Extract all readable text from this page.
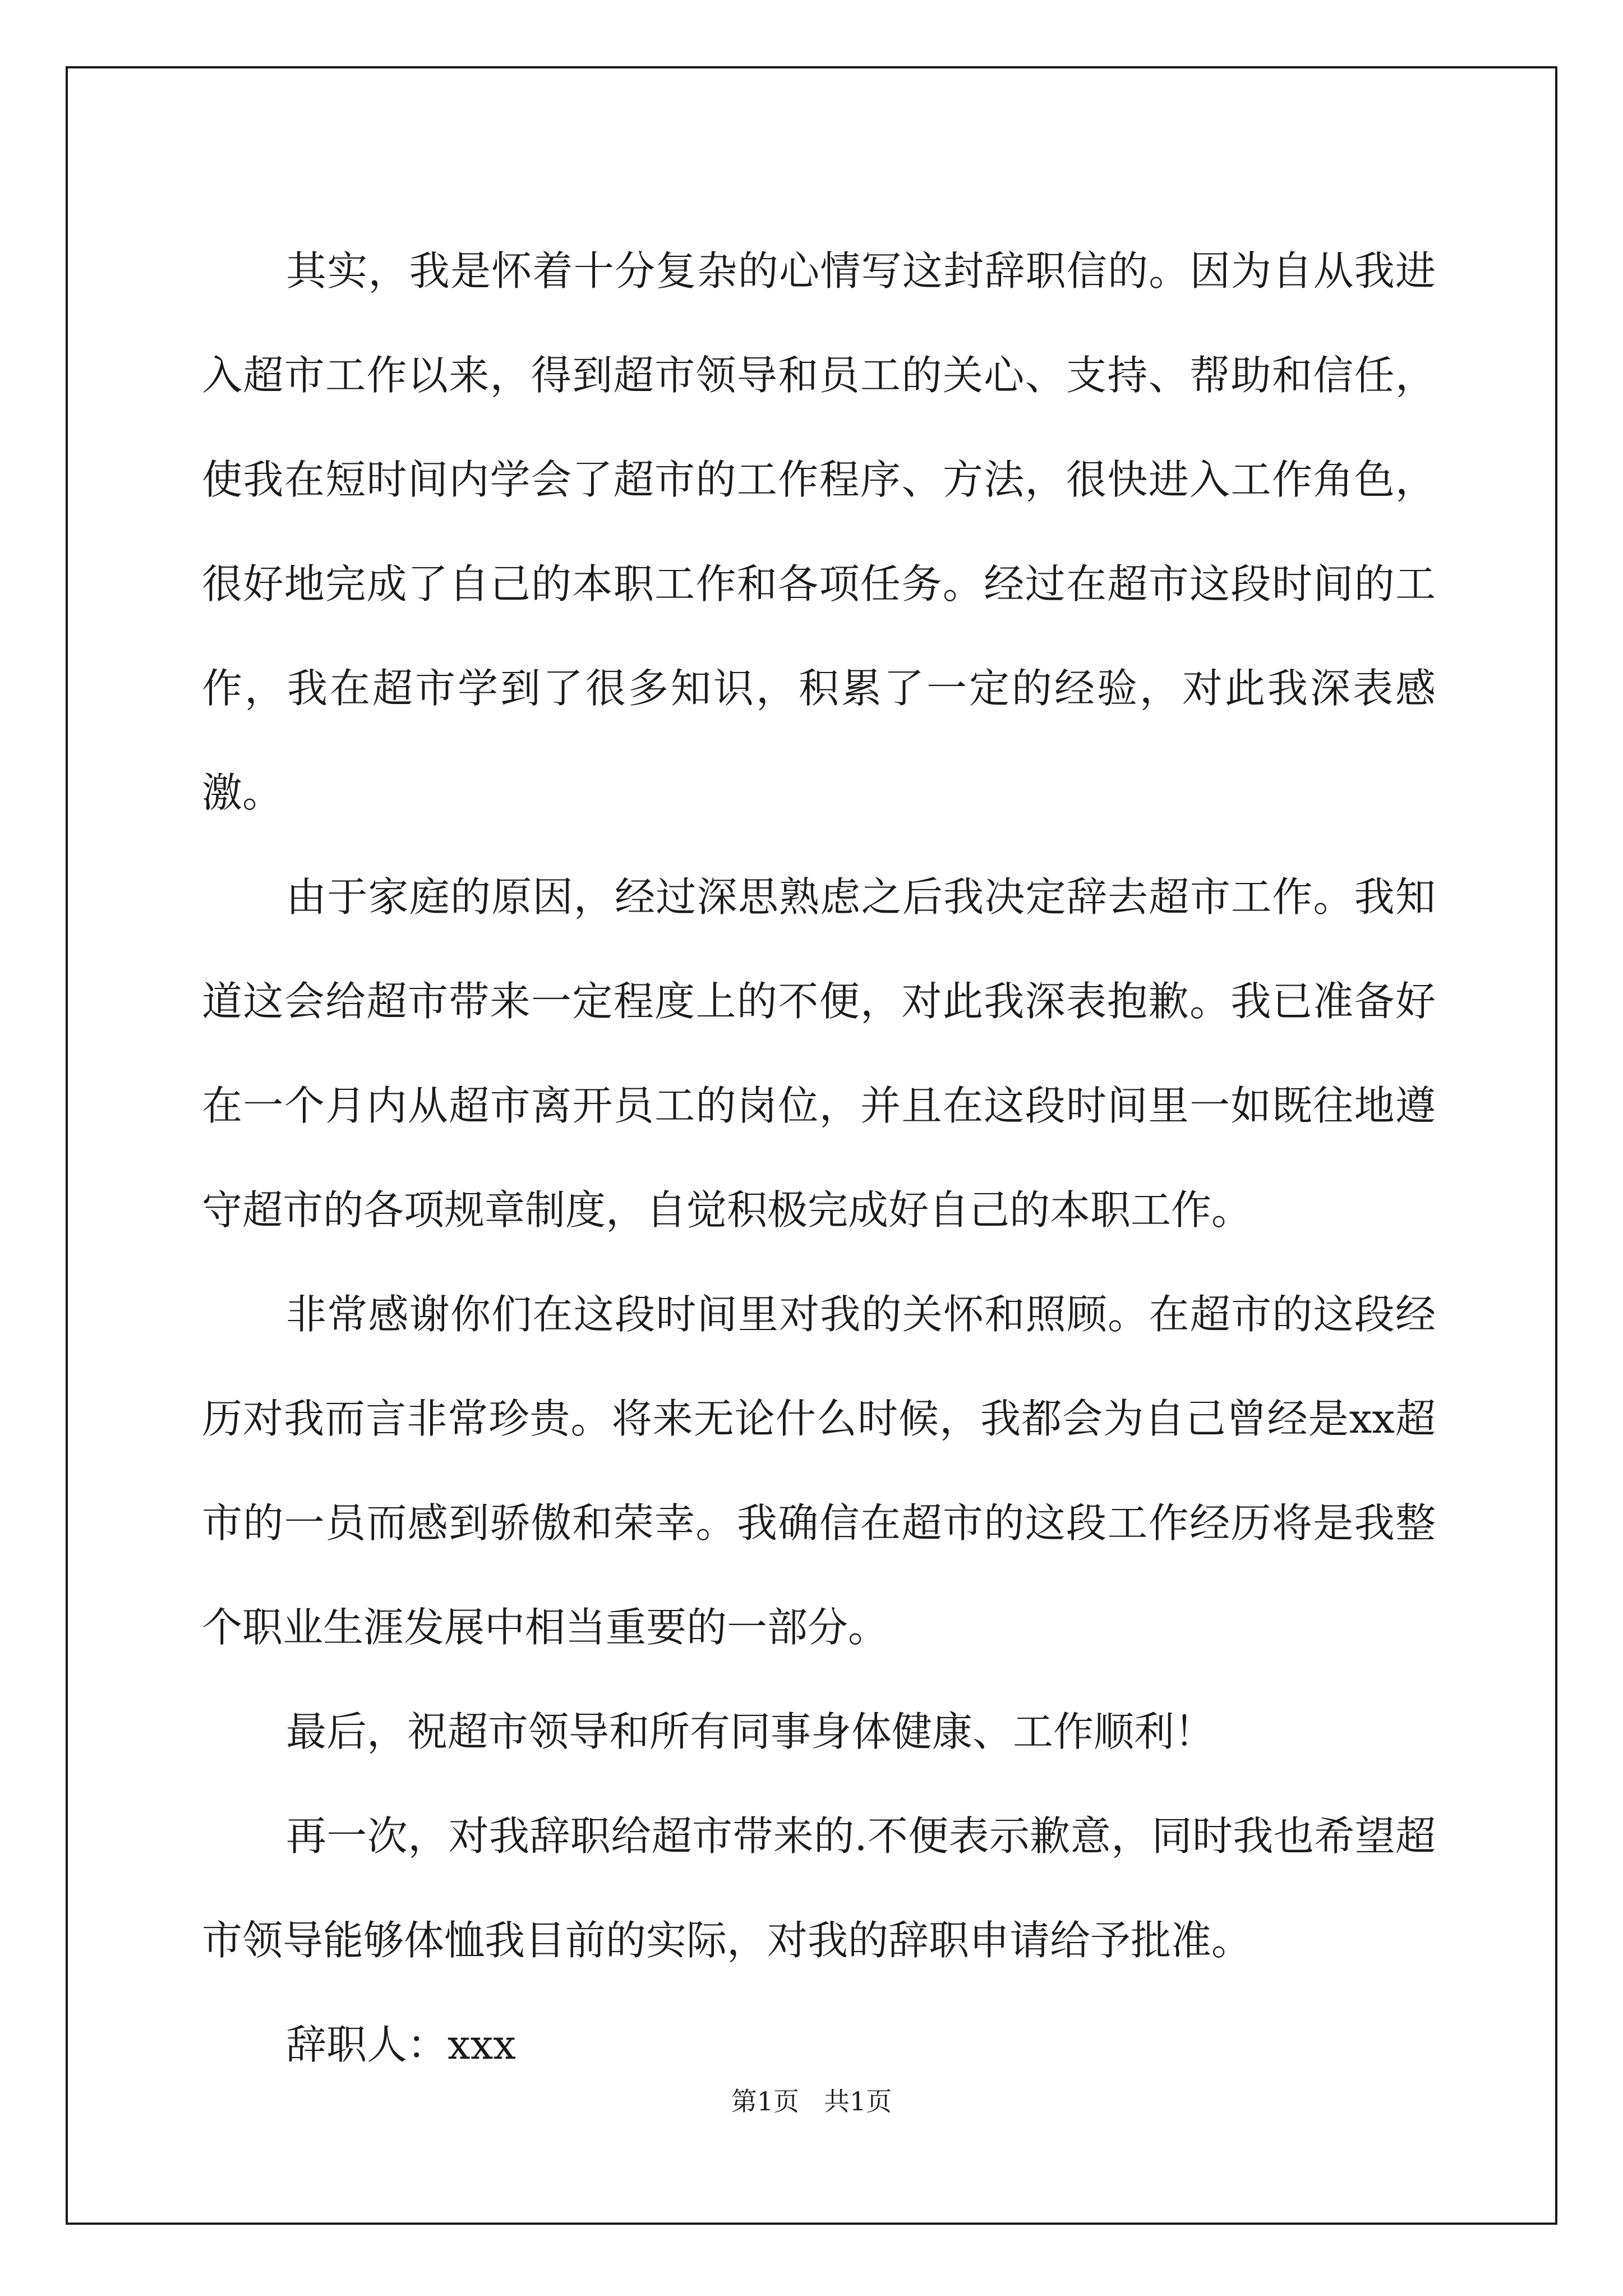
其实，我是怀着十分复杂的心情写这封辞职信的。因为自从我进入超市工作以来，得到超市领导和员工的关心、支持、帮助和信任，使我在短时间内学会了超市的工作程序、方法，很快进入工作角色，很好地完成了自己的本职工作和各项任务。经过在超市这段时间的工作，我在超市学到了很多知识，积累了一定的经验，对此我深表感激。

由于家庭的原因，经过深思熟虑之后我决定辞去超市工作。我知道这会给超市带来一定程度上的不便，对此我深表抱歉。我已准备好在一个月内从超市离开员工的岗位，并且在这段时间里一如既往地遵守超市的各项规章制度，自觉积极完成好自己的本职工作。

非常感谢你们在这段时间里对我的关怀和照顾。在超市的这段经历对我而言非常珍贵。将来无论什么时候，我都会为自己曾经是xx超市的一员而感到骄傲和荣幸。我确信在超市的这段工作经历将是我整个职业生涯发展中相当重要的一部分。

最后，祝超市领导和所有同事身体健康、工作顺利！

再一次，对我辞职给超市带来的.不便表示歉意，同时我也希望超市领导能够体恤我目前的实际，对我的辞职申请给予批准。

辞职人：xxx

第1页 共1页
